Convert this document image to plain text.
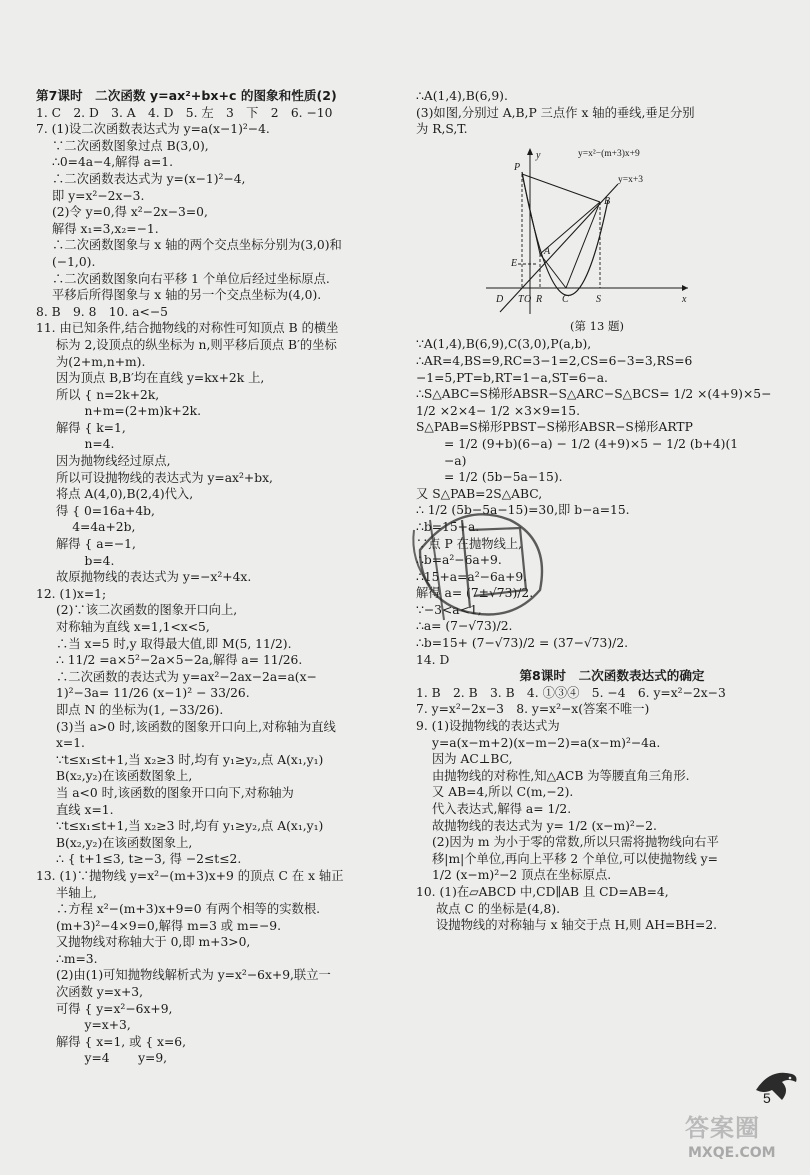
第7课时　二次函数 y=ax²+bx+c 的图象和性质(2)
1. C　2. D　3. A　4. D　5. 左　3　下　2　6. −10
7. (1)设二次函数表达式为 y=a(x−1)²−4.
∵二次函数图象过点 B(3,0),
∴0=4a−4,解得 a=1.
∴二次函数表达式为 y=(x−1)²−4,
即 y=x²−2x−3.
(2)令 y=0,得 x²−2x−3=0,
解得 x₁=3,x₂=−1.
∴二次函数图象与 x 轴的两个交点坐标分别为(3,0)和
(−1,0).
∴二次函数图象向右平移 1 个单位后经过坐标原点.
平移后所得图象与 x 轴的另一个交点坐标为(4,0).
8. B　9. 8　10. a<−5
11. 由已知条件,结合抛物线的对称性可知顶点 B 的横坐
标为 2,设顶点的纵坐标为 n,则平移后顶点 B′的坐标
为(2+m,n+m).
因为顶点 B,B′均在直线 y=kx+2k 上,
所以 { n=2k+2k,
　　 n+m=(2+m)k+2k.
解得 { k=1,
　　 n=4.
因为抛物线经过原点,
所以可设抛物线的表达式为 y=ax²+bx,
将点 A(4,0),B(2,4)代入,
得 { 0=16a+4b,
　 4=4a+2b,
解得 { a=−1,
　　 b=4.
故原抛物线的表达式为 y=−x²+4x.
12. (1)x=1;
(2)∵该二次函数的图象开口向上,
对称轴为直线 x=1,1<x<5,
∴当 x=5 时,y 取得最大值,即 M(5, 11/2).
∴ 11/2 =a×5²−2a×5−2a,解得 a= 11/26.
∴二次函数的表达式为 y=ax²−2ax−2a=a(x−
1)²−3a= 11/26 (x−1)² − 33/26.
即点 N 的坐标为(1, −33/26).
(3)当 a>0 时,该函数的图象开口向上,对称轴为直线
x=1.
∵t≤x₁≤t+1,当 x₂≥3 时,均有 y₁≥y₂,点 A(x₁,y₁)
B(x₂,y₂)在该函数图象上,
当 a<0 时,该函数的图象开口向下,对称轴为
直线 x=1.
∵t≤x₁≤t+1,当 x₂≥3 时,均有 y₁≥y₂,点 A(x₁,y₁)
B(x₂,y₂)在该函数图象上,
∴ { t+1≤3, t≥−3, 得 −2≤t≤2.
13. (1)∵抛物线 y=x²−(m+3)x+9 的顶点 C 在 x 轴正
半轴上,
∴方程 x²−(m+3)x+9=0 有两个相等的实数根.
(m+3)²−4×9=0,解得 m=3 或 m=−9.
又抛物线对称轴大于 0,即 m+3>0,
∴m=3.
(2)由(1)可知抛物线解析式为 y=x²−6x+9,联立一
次函数 y=x+3,
可得 { y=x²−6x+9,
　　 y=x+3,
解得 { x=1, 或 { x=6,
　　 y=4　　 y=9,
∴A(1,4),B(6,9).
(3)如图,分别过 A,B,P 三点作 x 轴的垂线,垂足分别
为 R,S,T.
P
y
B
A
E
D O R C	S
T	x
y=x²−(m+3)x+9
y=x+3
(第 13 题)
∵A(1,4),B(6,9),C(3,0),P(a,b),
∴AR=4,BS=9,RC=3−1=2,CS=6−3=3,RS=6
−1=5,PT=b,RT=1−a,ST=6−a.
∴S△ABC=S梯形ABSR−S△ARC−S△BCS= 1/2 ×(4+9)×5−
1/2 ×2×4− 1/2 ×3×9=15.
S△PAB=S梯形PBST−S梯形ABSR−S梯形ARTP
= 1/2 (9+b)(6−a) − 1/2 (4+9)×5 − 1/2 (b+4)(1
−a)
= 1/2 (5b−5a−15).
又 S△PAB=2S△ABC,
∴ 1/2 (5b−5a−15)=30,即 b−a=15.
∴b=15+a.
∵点 P 在抛物线上,
∴b=a²−6a+9.
∴15+a=a²−6a+9.
解得 a= (7±√73)/2.
∵−3<a<1,
∴a= (7−√73)/2.
∴b=15+ (7−√73)/2 = (37−√73)/2.
14. D
第8课时　二次函数表达式的确定
1. B　2. B　3. B　4. ①③④　5. −4　6. y=x²−2x−3
7. y=x²−2x−3　8. y=x²−x(答案不唯一)
9. (1)设抛物线的表达式为
y=a(x−m+2)(x−m−2)=a(x−m)²−4a.
因为 AC⊥BC,
由抛物线的对称性,知△ACB 为等腰直角三角形.
又 AB=4,所以 C(m,−2).
代入表达式,解得 a= 1/2.
故抛物线的表达式为 y= 1/2 (x−m)²−2.
(2)因为 m 为小于零的常数,所以只需将抛物线向右平
移|m|个单位,再向上平移 2 个单位,可以使抛物线 y=
1/2 (x−m)²−2 顶点在坐标原点.
10. (1)在▱ABCD 中,CD∥AB 且 CD=AB=4,
故点 C 的坐标是(4,8).
设抛物线的对称轴与 x 轴交于点 H,则 AH=BH=2.
5
答案圈
MXQE.COM
